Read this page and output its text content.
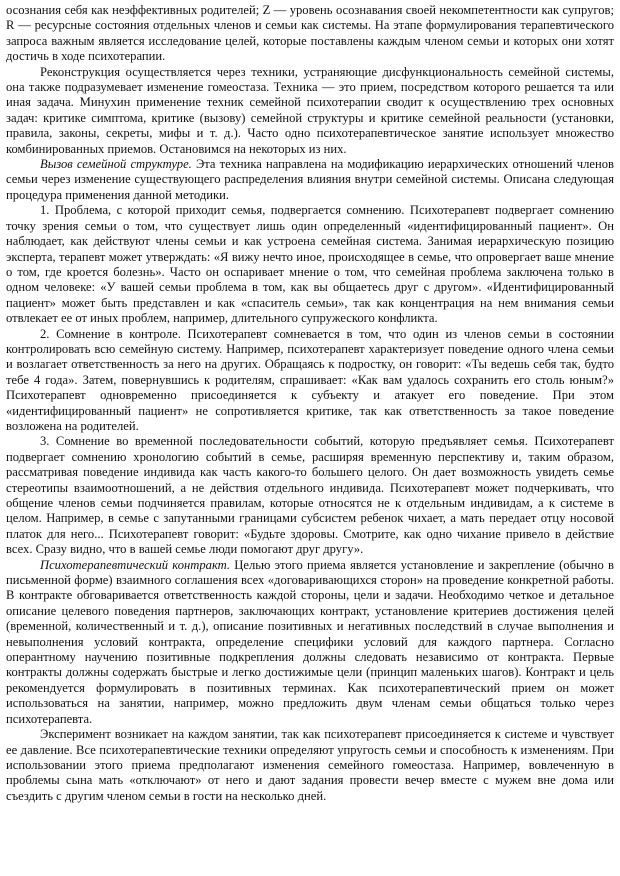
осознания себя как неэффективных родителей; Z — уровень осознавания своей некомпетентности как супругов; R — ресурсные состояния отдельных членов и семьи как системы. На этапе формулирования терапевтического запроса важным является исследование целей, которые поставлены каждым членом семьи и которых они хотят достичь в ходе психотерапии.

Реконструкция осуществляется через техники, устраняющие дисфункциональность семейной системы, она также подразумевает изменение гомеостаза. Техника — это прием, посредством которого решается та или иная задача. Минухин применение техник семейной психотерапии сводит к осуществлению трех основных задач: критике симптома, критике (вызову) семейной структуры и критике семейной реальности (установки, правила, законы, секреты, мифы и т. д.). Часто одно психотерапевтическое занятие использует множество комбинированных приемов. Остановимся на некоторых из них.

Вызов семейной структуре. Эта техника направлена на модификацию иерархических отношений членов семьи через изменение существующего распределения влияния внутри семейной системы. Описана следующая процедура применения данной методики.

1. Проблема, с которой приходит семья, подвергается сомнению. Психотерапевт подвергает сомнению точку зрения семьи о том, что существует лишь один определенный «идентифицированный пациент». Он наблюдает, как действуют члены семьи и как устроена семейная система. Занимая иерархическую позицию эксперта, терапевт может утверждать: «Я вижу нечто иное, происходящее в семье, что опровергает ваше мнение о том, где кроется болезнь». Часто он оспаривает мнение о том, что семейная проблема заключена только в одном человеке: «У вашей семьи проблема в том, как вы общаетесь друг с другом». «Идентифицированный пациент» может быть представлен и как «спаситель семьи», так как концентрация на нем внимания семьи отвлекает ее от иных проблем, например, длительного супружеского конфликта.

2. Сомнение в контроле. Психотерапевт сомневается в том, что один из членов семьи в состоянии контролировать всю семейную систему. Например, психотерапевт характеризует поведение одного члена семьи и возлагает ответственность за него на других. Обращаясь к подростку, он говорит: «Ты ведешь себя так, будто тебе 4 года». Затем, повернувшись к родителям, спрашивает: «Как вам удалось сохранить его столь юным?» Психотерапевт одновременно присоединяется к субъекту и атакует его поведение. При этом «идентифицированный пациент» не сопротивляется критике, так как ответственность за такое поведение возложена на родителей.

3. Сомнение во временной последовательности событий, которую предъявляет семья. Психотерапевт подвергает сомнению хронологию событий в семье, расширяя временную перспективу и, таким образом, рассматривая поведение индивида как часть какого-то большего целого. Он дает возможность увидеть семье стереотипы взаимоотношений, а не действия отдельного индивида. Психотерапевт может подчеркивать, что общение членов семьи подчиняется правилам, которые относятся не к отдельным индивидам, а к системе в целом. Например, в семье с запутанными границами субсистем ребенок чихает, а мать передает отцу носовой платок для него... Психотерапевт говорит: «Будьте здоровы. Смотрите, как одно чихание привело в действие всех. Сразу видно, что в вашей семье люди помогают друг другу».

Психотерапевтический контракт. Целью этого приема является установление и закрепление (обычно в письменной форме) взаимного соглашения всех «договаривающихся сторон» на проведение конкретной работы. В контракте обговаривается ответственность каждой стороны, цели и задачи. Необходимо четкое и детальное описание целевого поведения партнеров, заключающих контракт, установление критериев достижения целей (временной, количественный и т. д.), описание позитивных и негативных последствий в случае выполнения и невыполнения условий контракта, определение специфики условий для каждого партнера. Согласно оперантному научению позитивные подкрепления должны следовать независимо от контракта. Первые контракты должны содержать быстрые и легко достижимые цели (принцип маленьких шагов). Контракт и цель рекомендуется формулировать в позитивных терминах. Как психотерапевтический прием он может использоваться на занятии, например, можно предложить двум членам семьи общаться только через психотерапевта.

Эксперимент возникает на каждом занятии, так как психотерапевт присоединяется к системе и чувствует ее давление. Все психотерапевтические техники определяют упругость семьи и способность к изменениям. При использовании этого приема предполагают изменения семейного гомеостаза. Например, вовлеченную в проблемы сына мать «отключают» от него и дают задания провести вечер вместе с мужем вне дома или съездить с другим членом семьи в гости на несколько дней.
